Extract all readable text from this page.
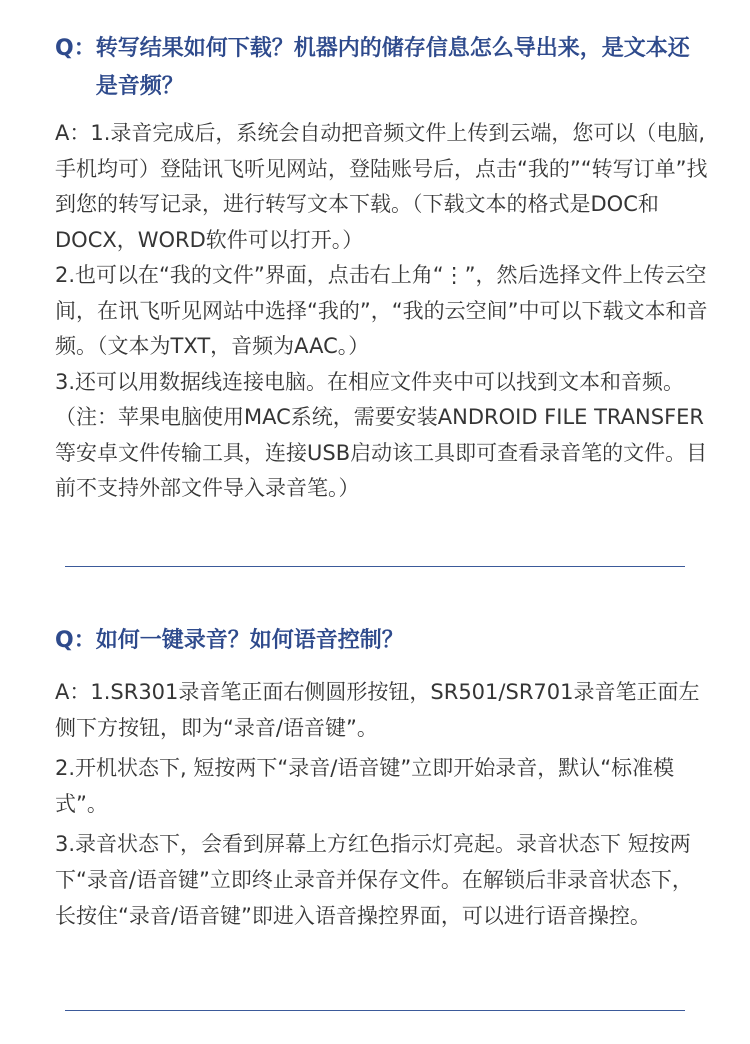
Q： 转写结果如何下载？机器内的储存信息怎么导出来，是文本还是音频？

A：1.录音完成后，系统会自动把音频文件上传到云端，您可以（电脑,手机均可）登陆讯飞听见网站，登陆账号后，点击“我的”“转写订单”找到您的转写记录，进行转写文本下载。（下载文本的格式是DOC和DOCX，WORD软件可以打开。）

2.也可以在“我的文件”界面，点击右上角“⋮”，然后选择文件上传云空间，在讯飞听见网站中选择“我的”，“我的云空间”中可以下载文本和音频。（文本为TXT，音频为AAC。）

3.还可以用数据线连接电脑。在相应文件夹中可以找到文本和音频。（注：苹果电脑使用MAC系统，需要安装ANDROID FILE TRANSFER等安卓文件传输工具，连接USB启动该工具即可查看录音笔的文件。目前不支持外部文件导入录音笔。）

Q： 如何一键录音？如何语音控制？

A：1.SR301录音笔正面右侧圆形按钮，SR501/SR701录音笔正面左侧下方按钮，即为“录音/语音键”。

2.开机状态下, 短按两下“录音/语音键”立即开始录音，默认“标准模式”。

3.录音状态下，会看到屏幕上方红色指示灯亮起。录音状态下 短按两下“录音/语音键”立即终止录音并保存文件。在解锁后非录音状态下，长按住“录音/语音键”即进入语音操控界面，可以进行语音操控。
